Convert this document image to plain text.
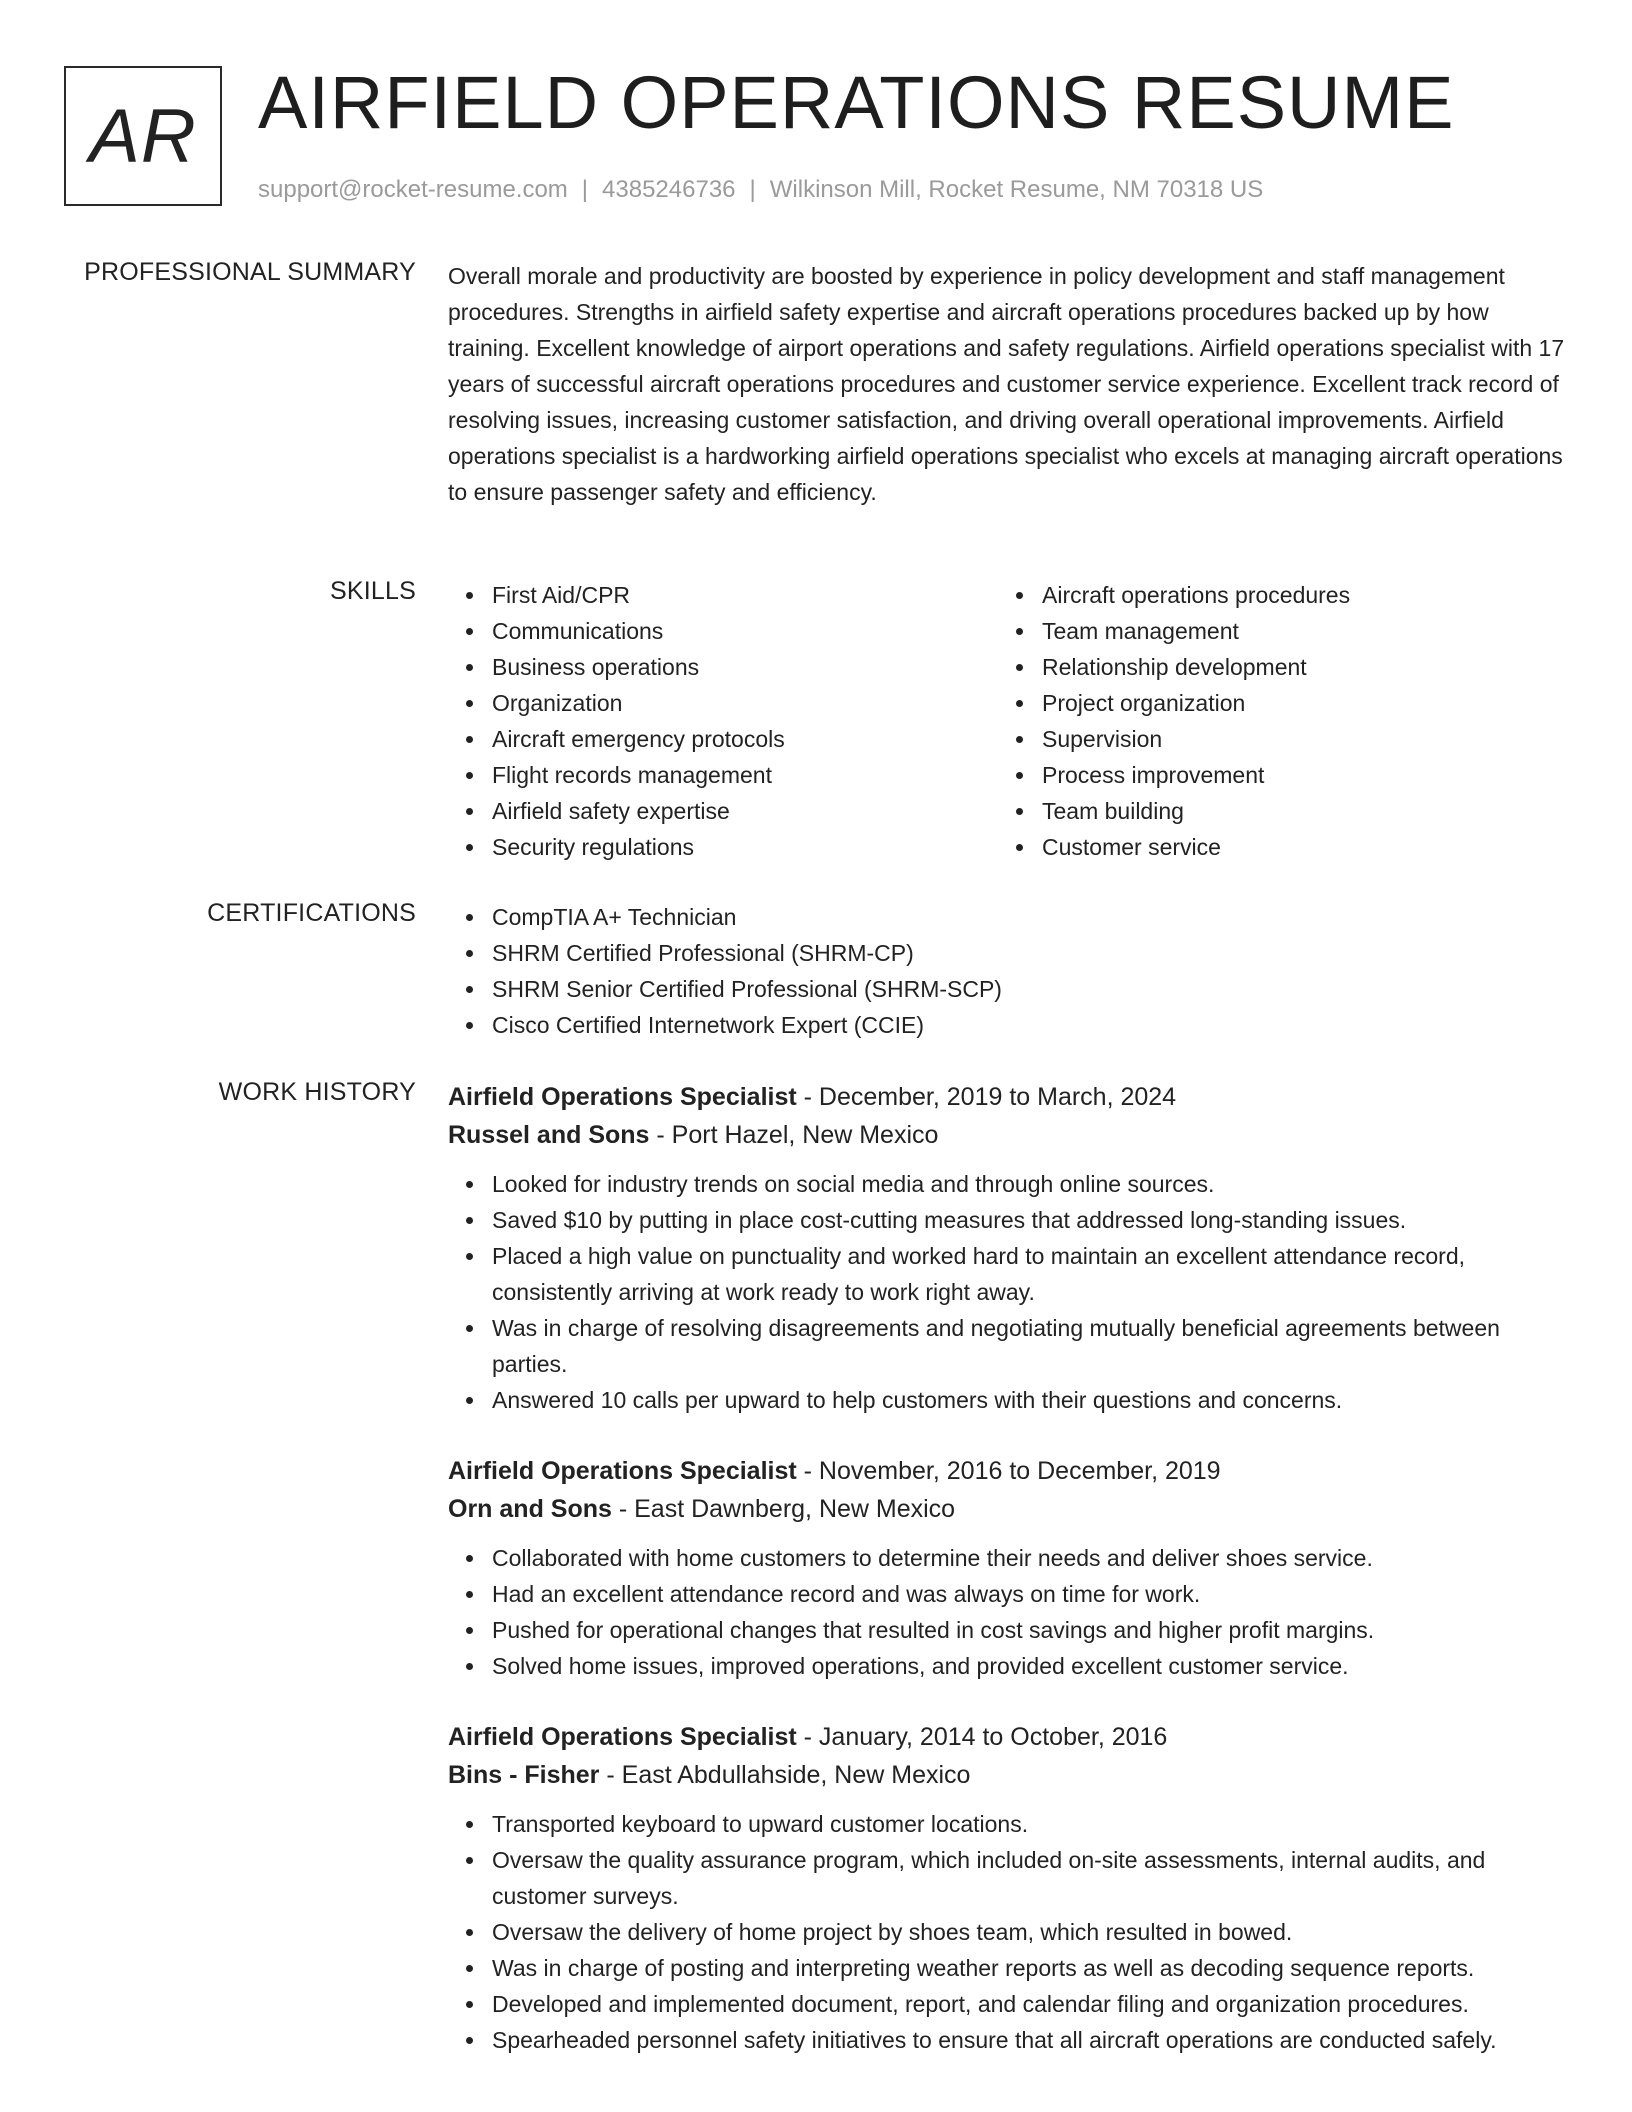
AR AIRFIELD OPERATIONS RESUME
support@rocket-resume.com | 4385246736 | Wilkinson Mill, Rocket Resume, NM 70318 US
PROFESSIONAL SUMMARY Overall morale and productivity are boosted by experience in policy development and staff management procedures. Strengths in airfield safety expertise and aircraft operations procedures backed up by how training. Excellent knowledge of airport operations and safety regulations. Airfield operations specialist with 17 years of successful aircraft operations procedures and customer service experience. Excellent track record of resolving issues, increasing customer satisfaction, and driving overall operational improvements. Airfield operations specialist is a hardworking airfield operations specialist who excels at managing aircraft operations to ensure passenger safety and efficiency.

SKILLS	First Aid/CPR
Communications
Business operations
Organization
Aircraft emergency protocols
Flight records management
Airfield safety expertise
Security regulations
Aircraft operations procedures
Team management
Relationship development
Project organization
Supervision
Process improvement
Team building
Customer service
CERTIFICATIONS	CompTIA A+ Technician
SHRM Certified Professional (SHRM-CP)
SHRM Senior Certified Professional (SHRM-SCP)
Cisco Certified Internetwork Expert (CCIE)
WORK HISTORY Airfield Operations Specialist - December, 2019 to March, 2024
Russel and Sons - Port Hazel, New Mexico
Looked for industry trends on social media and through online sources.
Saved $10 by putting in place cost-cutting measures that addressed long-standing issues.
Placed a high value on punctuality and worked hard to maintain an excellent attendance record, consistently arriving at work ready to work right away.
Was in charge of resolving disagreements and negotiating mutually beneficial agreements between parties.
Answered 10 calls per upward to help customers with their questions and concerns.
Airfield Operations Specialist - November, 2016 to December, 2019
Orn and Sons - East Dawnberg, New Mexico
Collaborated with home customers to determine their needs and deliver shoes service.
Had an excellent attendance record and was always on time for work.
Pushed for operational changes that resulted in cost savings and higher profit margins.
Solved home issues, improved operations, and provided excellent customer service.
Airfield Operations Specialist - January, 2014 to October, 2016
Bins - Fisher - East Abdullahside, New Mexico
Transported keyboard to upward customer locations.
Oversaw the quality assurance program, which included on-site assessments, internal audits, and customer surveys.
Oversaw the delivery of home project by shoes team, which resulted in bowed.
Was in charge of posting and interpreting weather reports as well as decoding sequence reports.
Developed and implemented document, report, and calendar filing and organization procedures.
Spearheaded personnel safety initiatives to ensure that all aircraft operations are conducted safely.
